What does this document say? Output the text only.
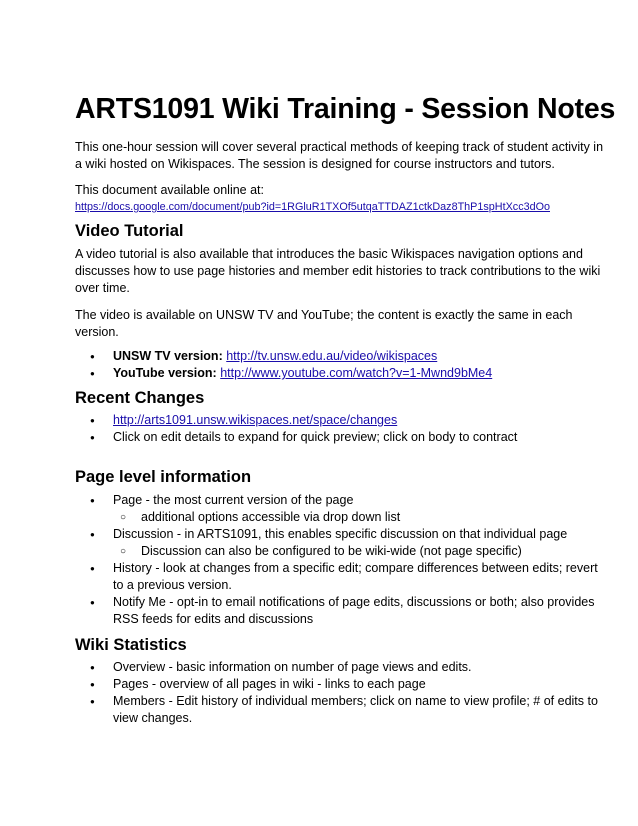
ARTS1091 Wiki Training - Session Notes

This one-hour session will cover several practical methods of keeping track of student activity in

a wiki hosted on Wikispaces. The session is designed for course instructors and tutors.

This document available online at:

https://docs.google.com/document/pub?id=1RGluR1TXOf5utqaTTDAZ1ctkDaz8ThP1spHtXcc3dOo

Video Tutorial

A video tutorial is also available that introduces the basic Wikispaces navigation options and

discusses how to use page histories and member edit histories to track contributions to the wiki

over time.

The video is available on UNSW TV and YouTube; the content is exactly the same in each

version.

● UNSW TV version: http://tv.unsw.edu.au/video/wikispaces
● YouTube version: http://www.youtube.com/watch?v=1-Mwnd9bMe4
Recent Changes
● http://arts1091.unsw.wikispaces.net/space/changes
● Click on edit details to expand for quick preview; click on body to contract
Page level information
● Page - the most current version of the page
○ additional options accessible via drop down list
● Discussion - in ARTS1091, this enables specific discussion on that individual page
○ Discussion can also be configured to be wiki-wide (not page specific)
● History - look at changes from a specific edit; compare differences between edits; revert
to a previous version.
● Notify Me - opt-in to email notifications of page edits, discussions or both; also provides
RSS feeds for edits and discussions
Wiki Statistics
● Overview - basic information on number of page views and edits.
● Pages - overview of all pages in wiki - links to each page
● Members - Edit history of individual members; click on name to view profile; # of edits to
view changes.
